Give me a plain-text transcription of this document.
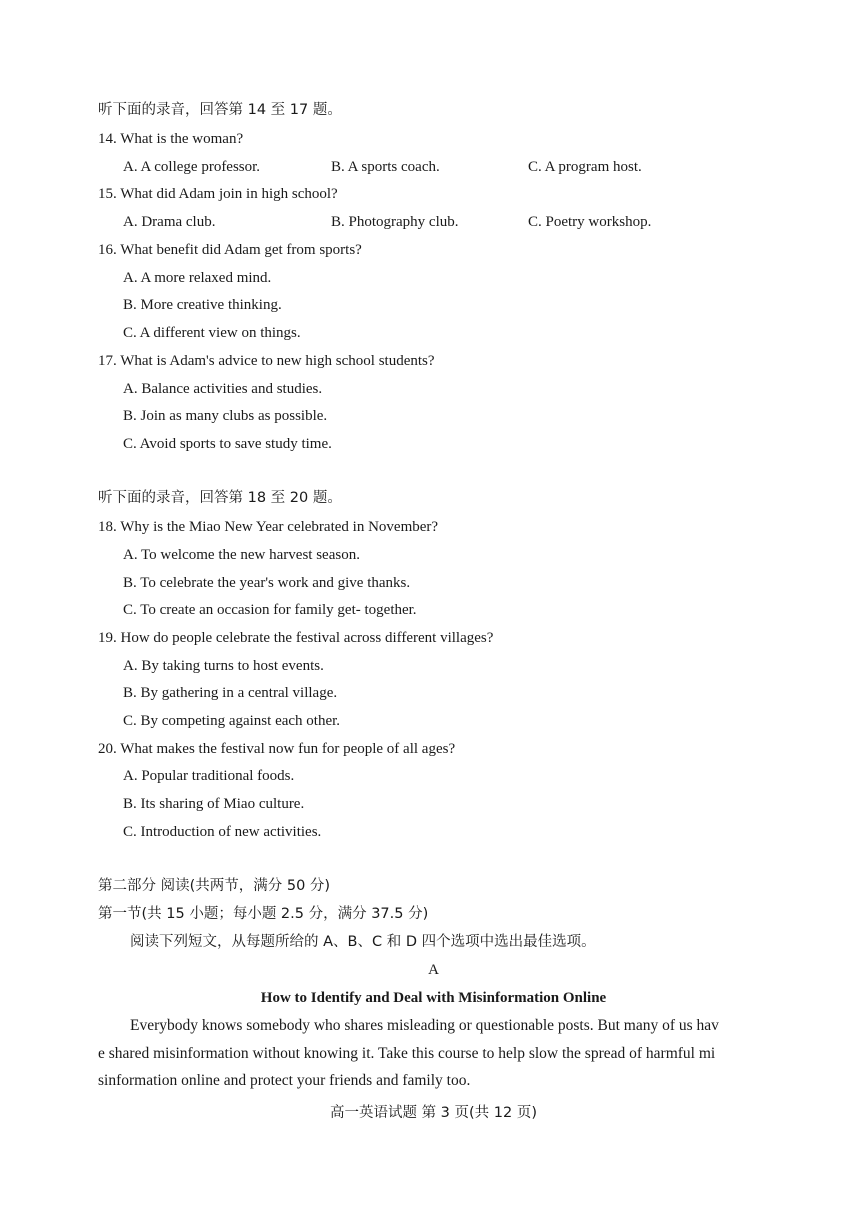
听下面的录音，回答第 14 至 17 题。
14. What is the woman?
A. A college professor.	B. A sports coach.	C. A program host.
15. What did Adam join in high school?
A. Drama club.	B. Photography club.	C. Poetry workshop.
16. What benefit did Adam get from sports?
A. A more relaxed mind.
B. More creative thinking.
C. A different view on things.
17. What is Adam's advice to new high school students?
A. Balance activities and studies.
B. Join as many clubs as possible.
C. Avoid sports to save study time.
听下面的录音，回答第 18 至 20 题。
18. Why is the Miao New Year celebrated in November?
A. To welcome the new harvest season.
B. To celebrate the year's work and give thanks.
C. To create an occasion for family get- together.
19. How do people celebrate the festival across different villages?
A. By taking turns to host events.
B. By gathering in a central village.
C. By competing against each other.
20. What makes the festival now fun for people of all ages?
A. Popular traditional foods.
B. Its sharing of Miao culture.
C. Introduction of new activities.
第二部分 阅读(共两节，满分 50 分)
第一节(共 15 小题；每小题 2.5 分，满分 37.5 分)
阅读下列短文，从每题所给的 A、B、C 和 D 四个选项中选出最佳选项。
A
How to Identify and Deal with Misinformation Online
Everybody knows somebody who shares misleading or questionable posts. But many of us hav
e shared misinformation without knowing it. Take this course to help slow the spread of harmful mi
sinformation online and protect your friends and family too.
高一英语试题 第 3 页(共 12 页)
